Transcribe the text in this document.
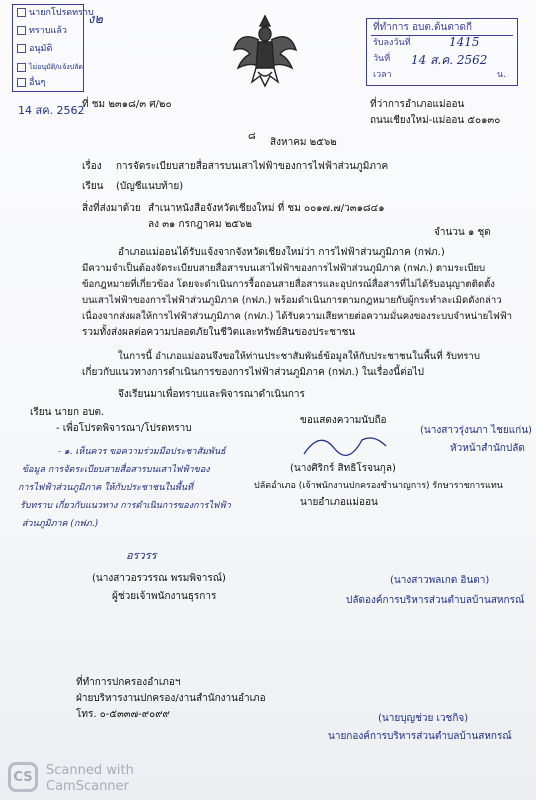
นายกโปรดทราบ
ทราบแล้ว
อนุมัติ
ไม่อนุมัติ/แจ้งปลัด
อื่นๆ
ง๒
14 สค. 2562
ที่ ชม ๒๓๑๘/๓ ศ/๒๐
ที่ทำการ อบต.ต้นตาดกี
รับลงวันที่	1415
วันที่ 14 ส.ค. 2562
เวลา	น.
ที่ว่าการอำเภอแม่ออน
ถนนเชียงใหม่-แม่ออน ๕๐๑๓๐
๘
สิงหาคม ๒๕๖๒
เรื่อง การจัดระเบียบสายสื่อสารบนเสาไฟฟ้าของการไฟฟ้าส่วนภูมิภาค
เรียน (บัญชีแนบท้าย)
สิ่งที่ส่งมาด้วย สำเนาหนังสือจังหวัดเชียงใหม่ ที่ ชม ๐๐๑๗.๗/ว๓๑๘๔๑
ลง ๓๑ กรกฎาคม ๒๕๖๒
จำนวน ๑ ชุด
อำเภอแม่ออนได้รับแจ้งจากจังหวัดเชียงใหม่ว่า การไฟฟ้าส่วนภูมิภาค (กฟภ.)
มีความจำเป็นต้องจัดระเบียบสายสื่อสารบนเสาไฟฟ้าของการไฟฟ้าส่วนภูมิภาค (กฟภ.) ตามระเบียบ
ข้อกฎหมายที่เกี่ยวข้อง โดยจะดำเนินการรื้อถอนสายสื่อสารและอุปกรณ์สื่อสารที่ไม่ได้รับอนุญาตติดตั้ง
บนเสาไฟฟ้าของการไฟฟ้าส่วนภูมิภาค (กฟภ.) พร้อมดำเนินการตามกฎหมายกับผู้กระทำละเมิดดังกล่าว
เนื่องจากส่งผลให้การไฟฟ้าส่วนภูมิภาค (กฟภ.) ได้รับความเสียหายต่อความมั่นคงของระบบจำหน่ายไฟฟ้า
รวมทั้งส่งผลต่อความปลอดภัยในชีวิตและทรัพย์สินของประชาชน
ในการนี้ อำเภอแม่ออนจึงขอให้ท่านประชาสัมพันธ์ข้อมูลให้กับประชาชนในพื้นที่ รับทราบ
เกี่ยวกับแนวทางการดำเนินการของการไฟฟ้าส่วนภูมิภาค (กฟภ.) ในเรื่องนี้ต่อไป
จึงเรียนมาเพื่อทราบและพิจารณาดำเนินการ
เรียน นายก อบต.
- เพื่อโปรดพิจารณา/โปรดทราบ
- ๑. เห็นควร ขอความร่วมมือประชาสัมพันธ์
ข้อมูล การจัดระเบียบสายสื่อสารบนเสาไฟฟ้าของ
การไฟฟ้าส่วนภูมิภาค ให้กับประชาชนในพื้นที่
รับทราบ เกี่ยวกับแนวทาง การดำเนินการของการไฟฟ้า
ส่วนภูมิภาค (กฟภ.)
อรวรร
(นางสาวอรวรรณ พรมพิจารณ์)
ผู้ช่วยเจ้าพนักงานธุรการ
ขอแสดงความนับถือ
(นางศิริกร์ สิทธิโรจนกุล)
ปลัดอำเภอ (เจ้าพนักงานปกครองชำนาญการ) รักษาราชการแทน
นายอำเภอแม่ออน
(นางสาวรุ่งนภา ไชยแก่น)
หัวหน้าสำนักปลัด
(นางสาวพลเกต อินตา)
ปลัดองค์การบริหารส่วนตำบลบ้านสหกรณ์
(นายบุญช่วย เวชกิจ)
นายกองค์การบริหารส่วนตำบลบ้านสหกรณ์
ที่ทำการปกครองอำเภอฯ
ฝ่ายบริหารงานปกครอง/งานสำนักงานอำเภอ
โทร. ๐-๕๓๓๗-๙๐๙๙
CS	Scanned with
CamScanner
